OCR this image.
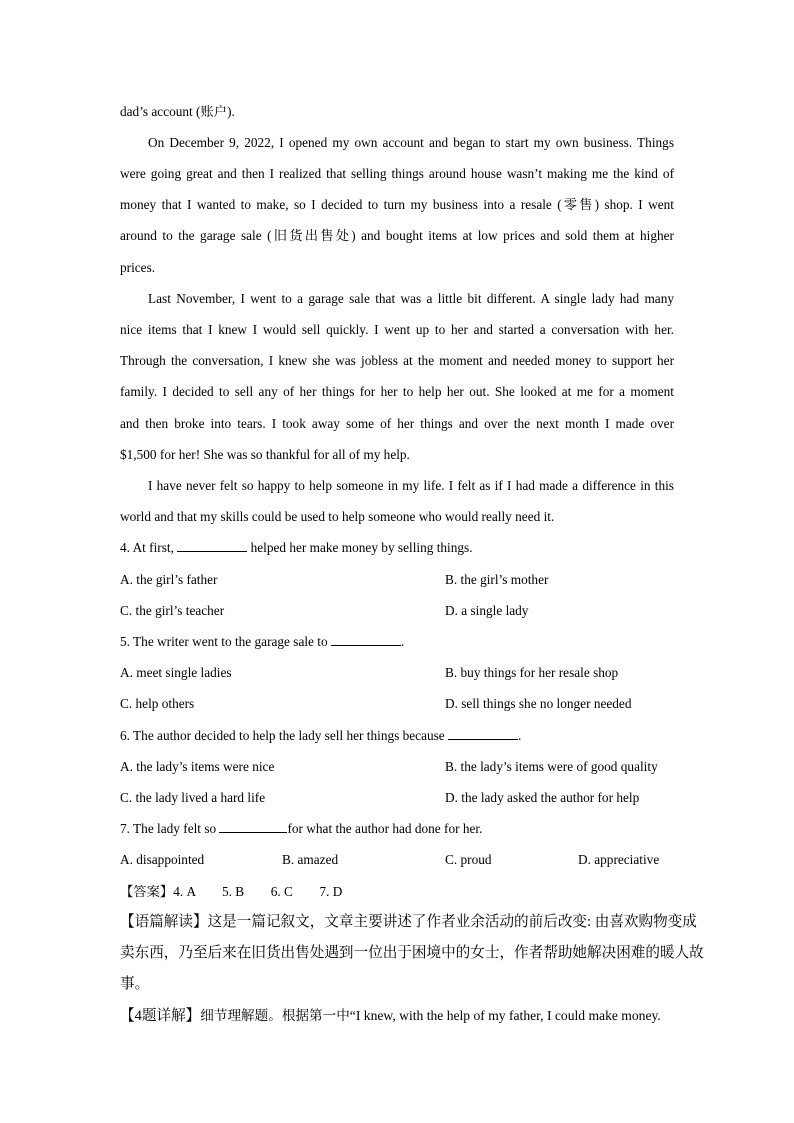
dad’s account (账户).
On December 9, 2022, I opened my own account and began to start my own business. Things
were going great and then I realized that selling things around house wasn’t making me the kind of
money that I wanted to make, so I decided to turn my business into a resale (零售) shop. I went
around to the garage sale (旧货出售处) and bought items at low prices and sold them at higher
prices.
Last November, I went to a garage sale that was a little bit different. A single lady had many
nice items that I knew I would sell quickly. I went up to her and started a conversation with her.
Through the conversation, I knew she was jobless at the moment and needed money to support her
family. I decided to sell any of her things for her to help her out. She looked at me for a moment
and then broke into tears. I took away some of her things and over the next month I made over
$1,500 for her! She was so thankful for all of my help.
I have never felt so happy to help someone in my life. I felt as if I had made a difference in this
world and that my skills could be used to help someone who would really need it.
4. At first,	helped her make money by selling things.
A. the girl’s father	B. the girl’s mother
C. the girl’s teacher	D. a single lady
5. The writer went to the garage sale to	.
A. meet single ladies	B. buy things for her resale shop
C. help others	D. sell things she no longer needed
6. The author decided to help the lady sell her things because	.
A. the lady’s items were nice	B. the lady’s items were of good quality
C. the lady lived a hard life	D. the lady asked the author for help
7. The lady felt so	for what the author had done for her.
A. disappointed	B. amazed	C. proud	D. appreciative
【答案】4. A        5. B        6. C        7. D
【语篇解读】这是一篇记叙文，文章主要讲述了作者业余活动的前后改变: 由喜欢购物变成
卖东西，乃至后来在旧货出售处遇到一位出于困境中的女士，作者帮助她解决困难的暖人故
事。
【4题详解】细节理解题。根据第一中“I knew, with the help of my father, I could make money.
